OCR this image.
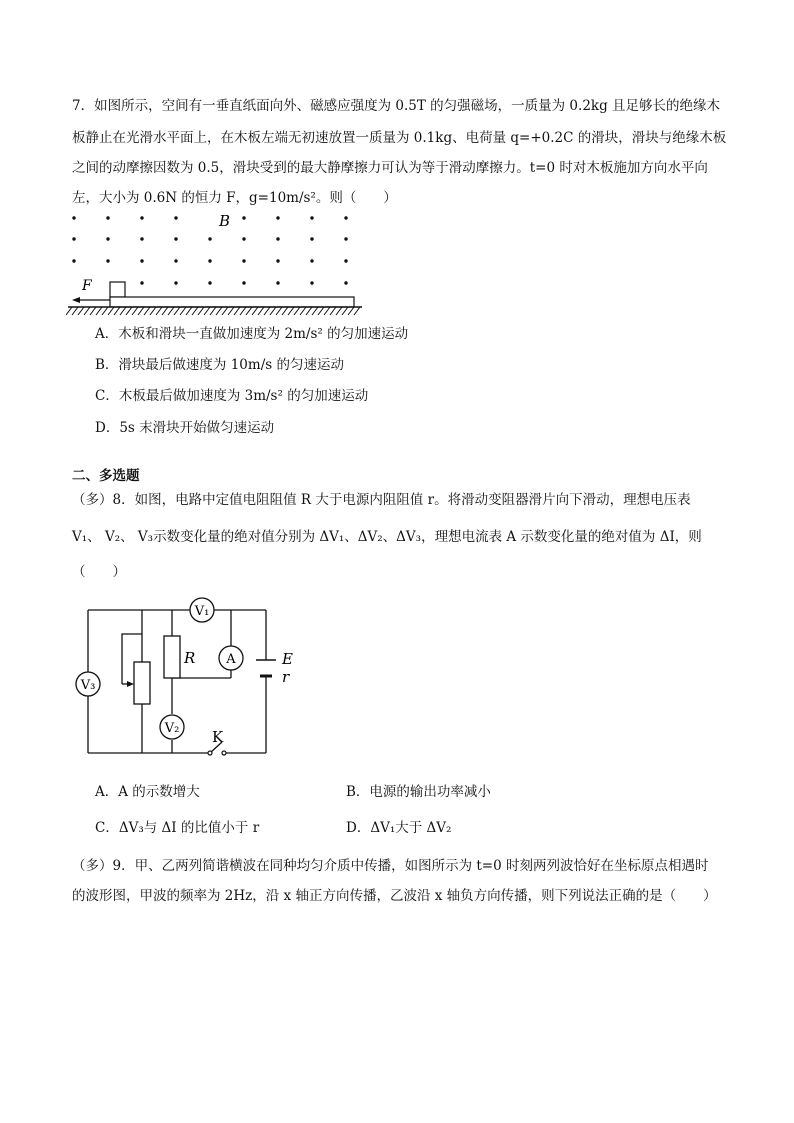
7．如图所示，空间有一垂直纸面向外、磁感应强度为 0.5T 的匀强磁场，一质量为 0.2kg 且足够长的绝缘木
板静止在光滑水平面上，在木板左端无初速放置一质量为 0.1kg、电荷量 q=+0.2C 的滑块，滑块与绝缘木板
之间的动摩擦因数为 0.5，滑块受到的最大静摩擦力可认为等于滑动摩擦力。t=0 时对木板施加方向水平向
左，大小为 0.6N 的恒力 F，g=10m/s²。则（　　）
B
F
A．木板和滑块一直做加速度为 2m/s² 的匀加速运动
B．滑块最后做速度为 10m/s 的匀速运动
C．木板最后做加速度为 3m/s² 的匀加速运动
D．5s 末滑块开始做匀速运动
二、多选题
（多）8．如图，电路中定值电阻阻值 R 大于电源内阻阻值 r。将滑动变阻器滑片向下滑动，理想电压表
V₁、 V₂、 V₃示数变化量的绝对值分别为 ΔV₁、ΔV₂、ΔV₃，理想电流表 A 示数变化量的绝对值为 ΔI，则
（　　）
R	E
r
K
V₁
A
V₃
V₂
A．A 的示数增大	B．电源的输出功率减小
C．ΔV₃与 ΔI 的比值小于 r	D．ΔV₁大于 ΔV₂
（多）9．甲、乙两列简谐横波在同种均匀介质中传播，如图所示为 t=0 时刻两列波恰好在坐标原点相遇时
的波形图，甲波的频率为 2Hz，沿 x 轴正方向传播，乙波沿 x 轴负方向传播，则下列说法正确的是（　　）
